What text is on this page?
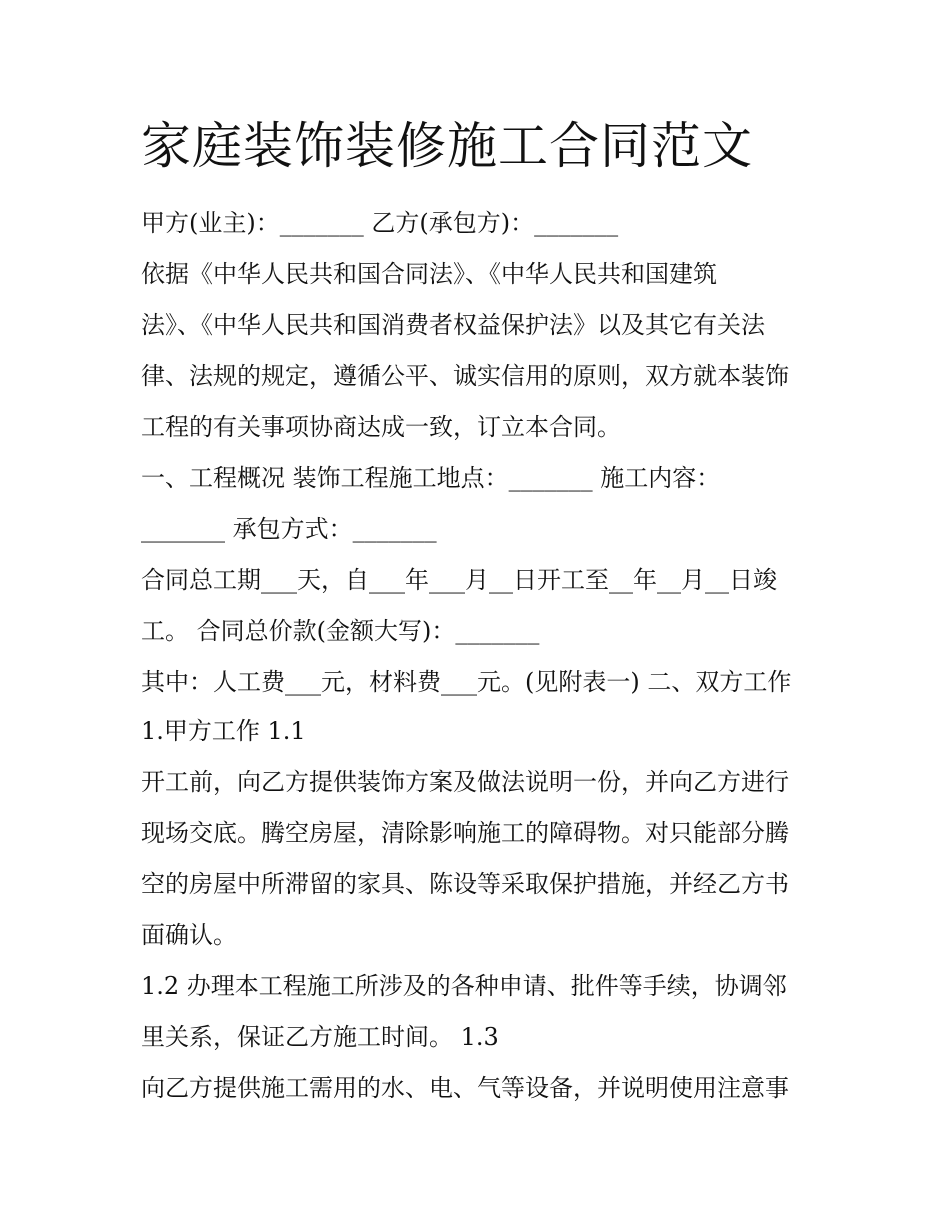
家庭装饰装修施工合同范文

甲方(业主)：_______ 乙方(承包方)：_______

依据《中华人民共和国合同法》、《中华人民共和国建筑

法》、《中华人民共和国消费者权益保护法》以及其它有关法

律、法规的规定，遵循公平、诚实信用的原则，双方就本装饰

工程的有关事项协商达成一致，订立本合同。

一、工程概况 装饰工程施工地点：_______ 施工内容：

_______ 承包方式：_______

合同总工期___天，自___年___月__日开工至__年__月__日竣

工。 合同总价款(金额大写)：_______

其中：人工费___元，材料费___元。(见附表一) 二、双方工作

1.甲方工作 1.1

开工前，向乙方提供装饰方案及做法说明一份，并向乙方进行

现场交底。腾空房屋，清除影响施工的障碍物。对只能部分腾

空的房屋中所滞留的家具、陈设等采取保护措施，并经乙方书

面确认。

1.2 办理本工程施工所涉及的各种申请、批件等手续，协调邻

里关系，保证乙方施工时间。 1.3

向乙方提供施工需用的水、电、气等设备，并说明使用注意事
